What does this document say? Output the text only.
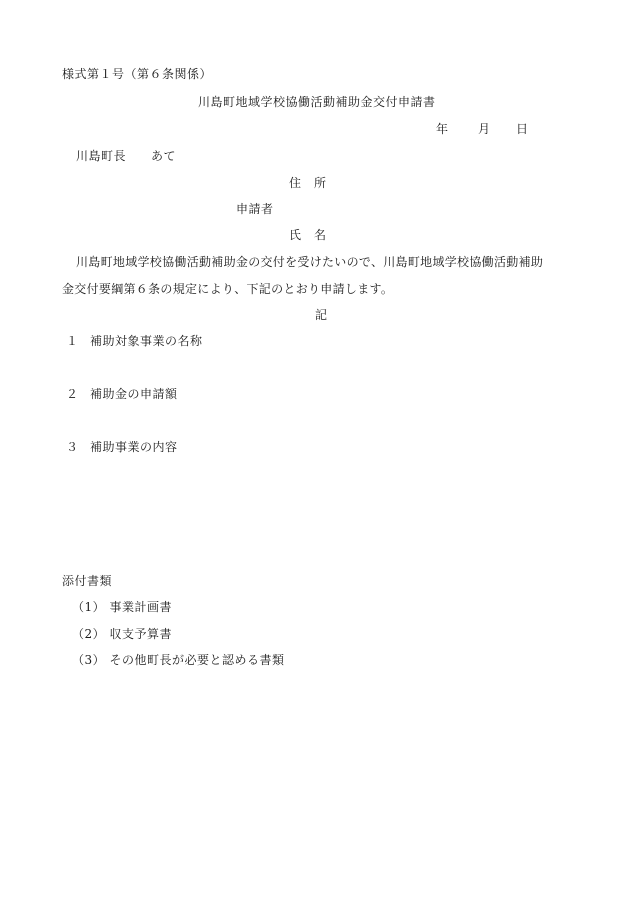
様式第１号（第６条関係）
川島町地域学校協働活動補助金交付申請書
年 月 日
川島町長　　あて
住　所
申請者
氏　名
川島町地域学校協働活動補助金の交付を受けたいので、川島町地域学校協働活動補助
金交付要綱第６条の規定により、下記のとおり申請します。
記
１ 補助対象事業の名称
２ 補助金の申請額
３ 補助事業の内容
添付書類
（1） 事業計画書
（2） 収支予算書
（3） その他町長が必要と認める書類
